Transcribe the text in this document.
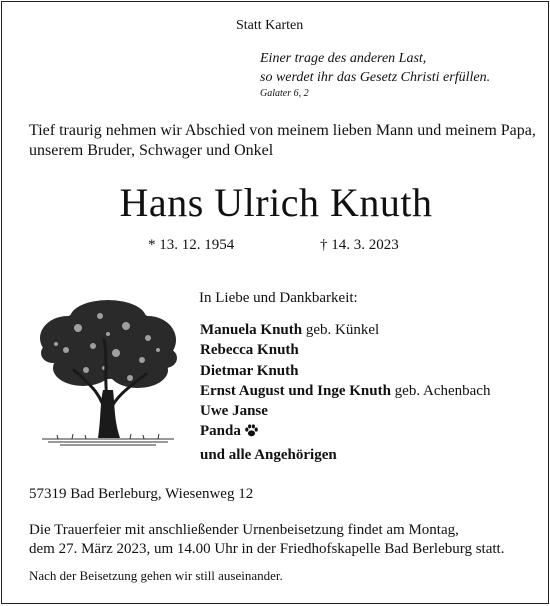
Statt Karten
Einer trage des anderen Last,
so werdet ihr das Gesetz Christi erfüllen.
Galater 6, 2
Tief traurig nehmen wir Abschied von meinem lieben Mann und meinem Papa,
unserem Bruder, Schwager und Onkel
Hans Ulrich Knuth
* 13. 12. 1954	† 14. 3. 2023
In Liebe und Dankbarkeit:
Manuela Knuth geb. Künkel
Rebecca Knuth
Dietmar Knuth
Ernst August und Inge Knuth geb. Achenbach
Uwe Janse
Panda
und alle Angehörigen
57319 Bad Berleburg, Wiesenweg 12
Die Trauerfeier mit anschließender Urnenbeisetzung findet am Montag,
dem 27. März 2023, um 14.00 Uhr in der Friedhofskapelle Bad Berleburg statt.
Nach der Beisetzung gehen wir still auseinander.
